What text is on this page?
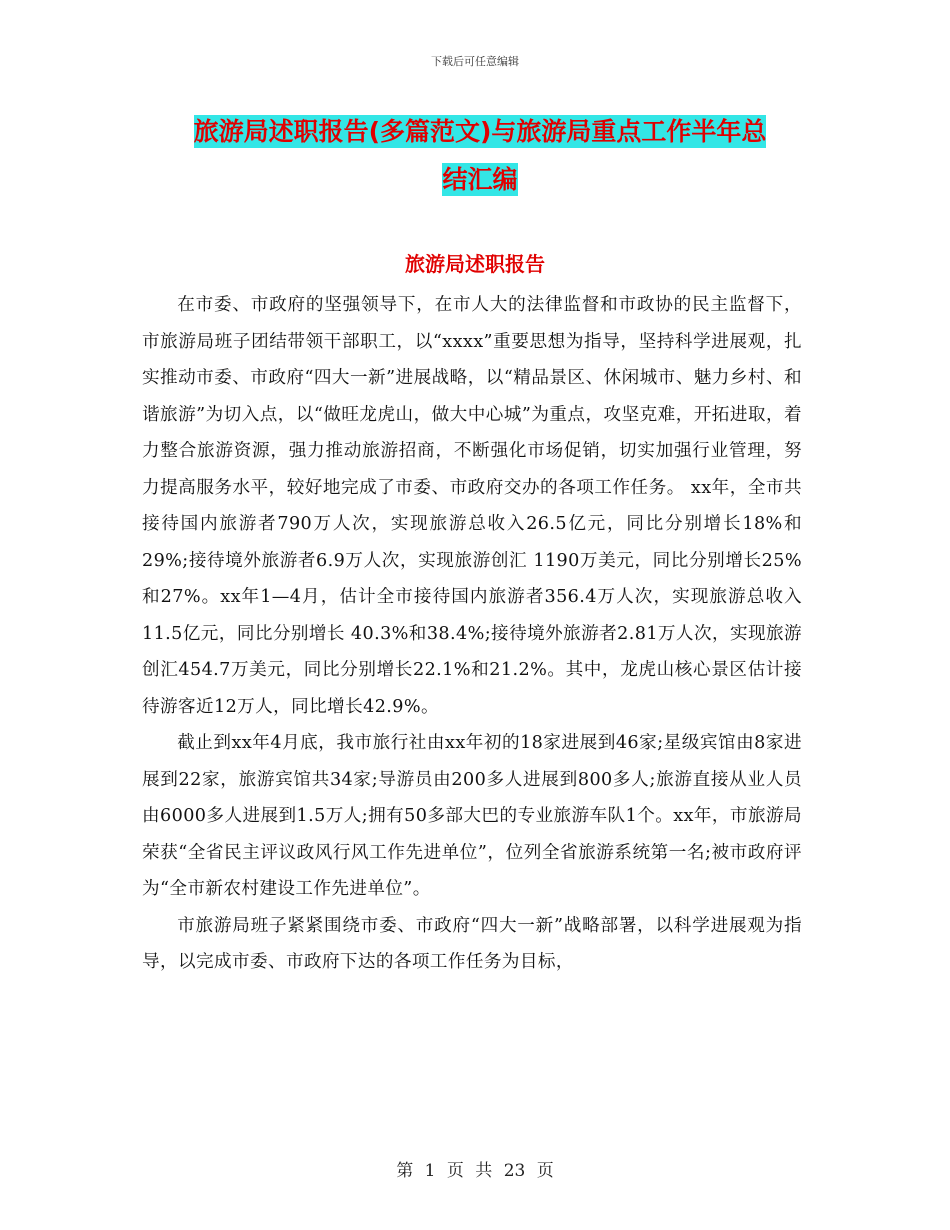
下载后可任意编辑
旅游局述职报告(多篇范文)与旅游局重点工作半年总
结汇编
旅游局述职报告

在市委、市政府的坚强领导下，在市人大的法律监督和市政协的民主监督下，市旅游局班子团结带领干部职工，以“xxxx”重要思想为指导，坚持科学进展观，扎实推动市委、市政府“四大一新”进展战略，以“精品景区、休闲城市、魅力乡村、和谐旅游”为切入点，以“做旺龙虎山，做大中心城”为重点，攻坚克难，开拓进取，着力整合旅游资源，强力推动旅游招商，不断强化市场促销，切实加强行业管理，努力提高服务水平，较好地完成了市委、市政府交办的各项工作任务。 xx年，全市共接待国内旅游者790万人次，实现旅游总收入26.5亿元，同比分别增长18%和29%;接待境外旅游者6.9万人次，实现旅游创汇 1190万美元，同比分别增长25%和27%。xx年1—4月，估计全市接待国内旅游者356.4万人次，实现旅游总收入11.5亿元，同比分别增长 40.3%和38.4%;接待境外旅游者2.81万人次，实现旅游创汇454.7万美元，同比分别增长22.1%和21.2%。其中，龙虎山核心景区估计接待游客近12万人，同比增长42.9%。

截止到xx年4月底，我市旅行社由xx年初的18家进展到46家;星级宾馆由8家进展到22家，旅游宾馆共34家;导游员由200多人进展到800多人;旅游直接从业人员由6000多人进展到1.5万人;拥有50多部大巴的专业旅游车队1个。xx年，市旅游局荣获“全省民主评议政风行风工作先进单位”，位列全省旅游系统第一名;被市政府评为“全市新农村建设工作先进单位”。

市旅游局班子紧紧围绕市委、市政府“四大一新”战略部署，以科学进展观为指导，以完成市委、市政府下达的各项工作任务为目标，

第 1 页 共 23 页
